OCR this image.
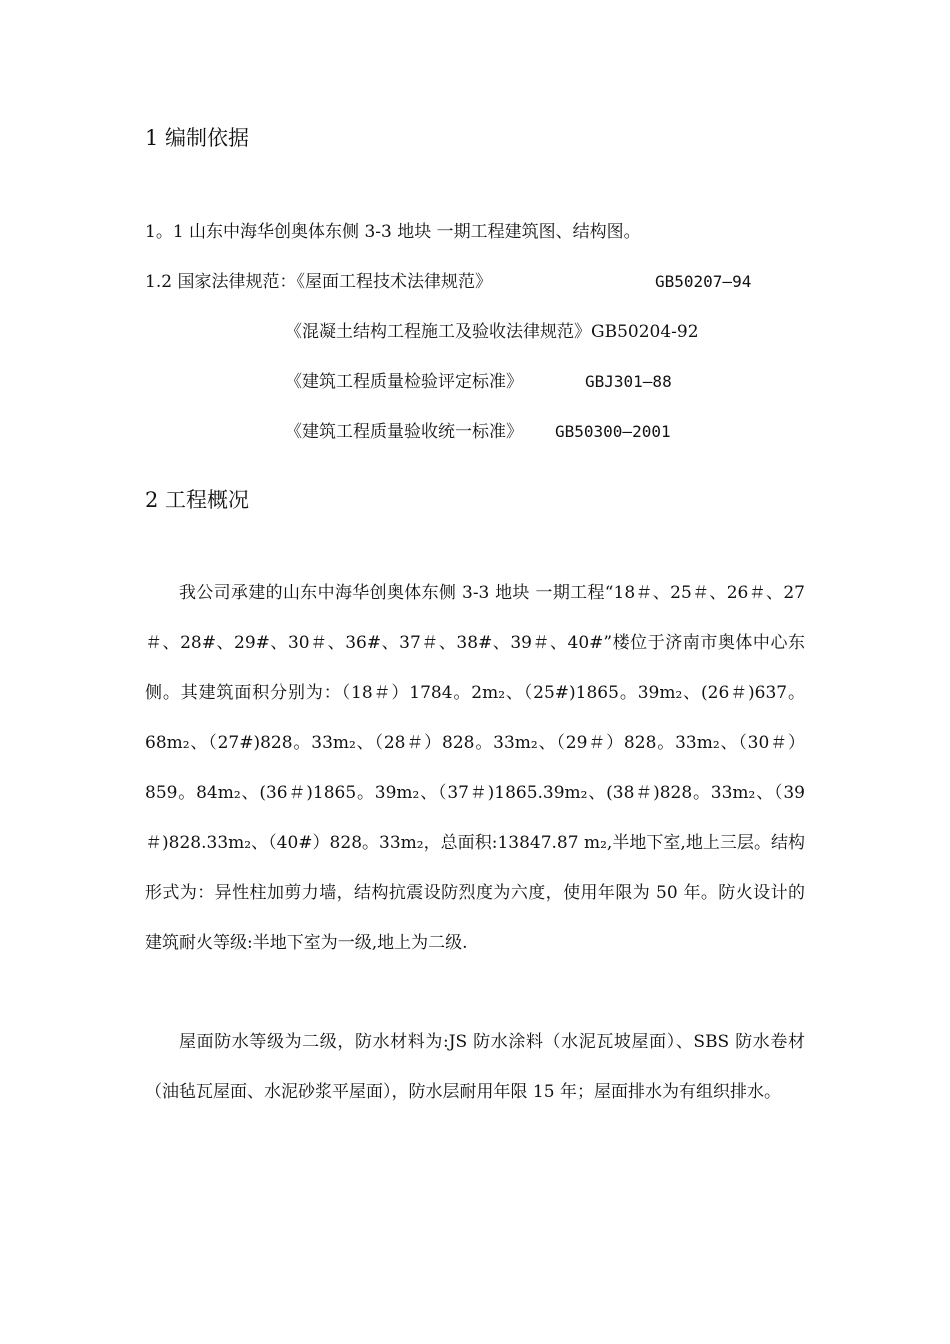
1 编制依据
1。1 山东中海华创奥体东侧 3-3 地块 一期工程建筑图、结构图。
1.2 国家法律规范：《屋面工程技术法律规范》	GB50207—94
《混凝土结构工程施工及验收法律规范》GB50204-92
《建筑工程质量检验评定标准》	GBJ301—88
《建筑工程质量验收统一标准》 GB50300—2001
2 工程概况
我公司承建的山东中海华创奥体东侧 3-3 地块 一期工程“18＃、25＃、26＃、27＃、28#、29#、30＃、36#、37＃、38#、39＃、40#”楼位于济南市奥体中心东侧。其建筑面积分别为：（18＃）1784。2m₂、（25#)1865。39m₂、(26＃)637。68m₂、（27#)828。33m₂、（28＃）828。33m₂、（29＃）828。33m₂、（30＃）859。84m₂、(36＃)1865。39m₂、（37＃)1865.39m₂、(38＃)828。33m₂、（39＃)828.33m₂、（40#）828。33m₂，总面积:13847.87 m₂,半地下室,地上三层。结构形式为：异性柱加剪力墙，结构抗震设防烈度为六度，使用年限为 50 年。防火设计的建筑耐火等级:半地下室为一级,地上为二级.
屋面防水等级为二级，防水材料为:JS 防水涂料（水泥瓦坡屋面）、SBS 防水卷材（油毡瓦屋面、水泥砂浆平屋面），防水层耐用年限 15 年；屋面排水为有组织排水。
